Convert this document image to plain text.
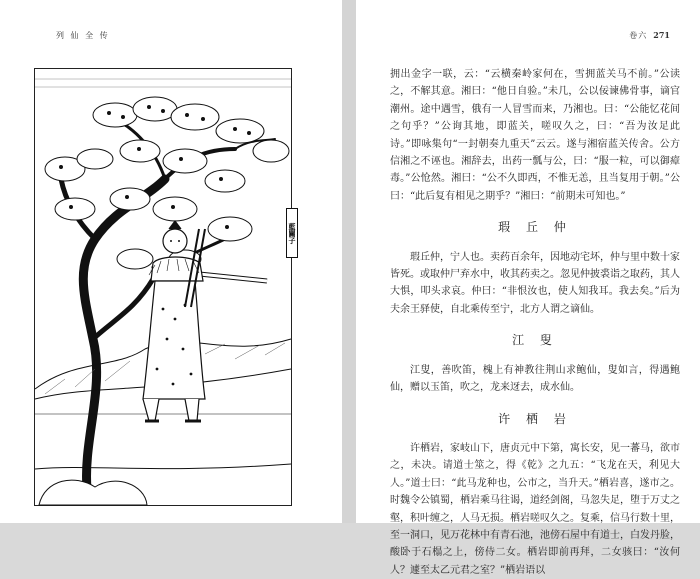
列 仙 全 传
藍關子
卷六 271

拥出金字一联，云：“云横秦岭家何在，雪拥蓝关马不前。”公读之，不解其意。湘曰：“他日自验。”未几，公以佞谏佛骨事，谪官潮州。途中遇雪，俄有一人冒雪而来，乃湘也。曰：“公能忆花间之句乎？”公询其地，即蓝关，嗟叹久之，曰：“吾为汝足此诗。”即咏集句“一封朝奏九重天”云云。遂与湘宿蓝关传舍。公方信湘之不诬也。湘辞去，出药一瓢与公，曰：“服一粒，可以御瘴毒。”公怆然。湘曰：“公不久即西，不惟无恙，且当复用于朝。”公曰：“此后复有相见之期乎？”湘曰：“前期未可知也。”

瑕 丘 仲

瑕丘仲，宁人也。卖药百余年，因地动宅坏，仲与里中数十家皆死。或取仲尸弃水中，收其药卖之。忽见仲披裘诣之取药，其人大惧，叩头求哀。仲曰：“非恨汝也，使人知我耳。我去矣。”后为夫余王驿使，自北乘传至宁，北方人谓之谪仙。

江 叟

江叟，善吹笛，槐上有神教往荆山求鲍仙，叟如言，得遇鲍仙，赠以玉笛，吹之，龙来迓去，成水仙。

许 栖 岩

许栖岩，家岐山下，唐贞元中下第，寓长安，见一蕃马，欲市之，未决。请道士筮之，得《乾》之九五：“飞龙在天，利见大人。”道士曰：“此马龙种也，公市之，当升天。”栖岩喜，遂市之。时魏令公镇蜀，栖岩乘马往谒，道经剑阁，马忽失足，堕于万丈之壑，积叶缠之，人马无损。栖岩嗟叹久之。复乘，信马行数十里，至一洞口，见万花林中有青石池，池傍石屋中有道士，白发丹脸，酸卧于石榻之上，傍侍二女。栖岩即前再拜，二女骇曰：“汝何人？遽至太乙元君之室？”栖岩语以
